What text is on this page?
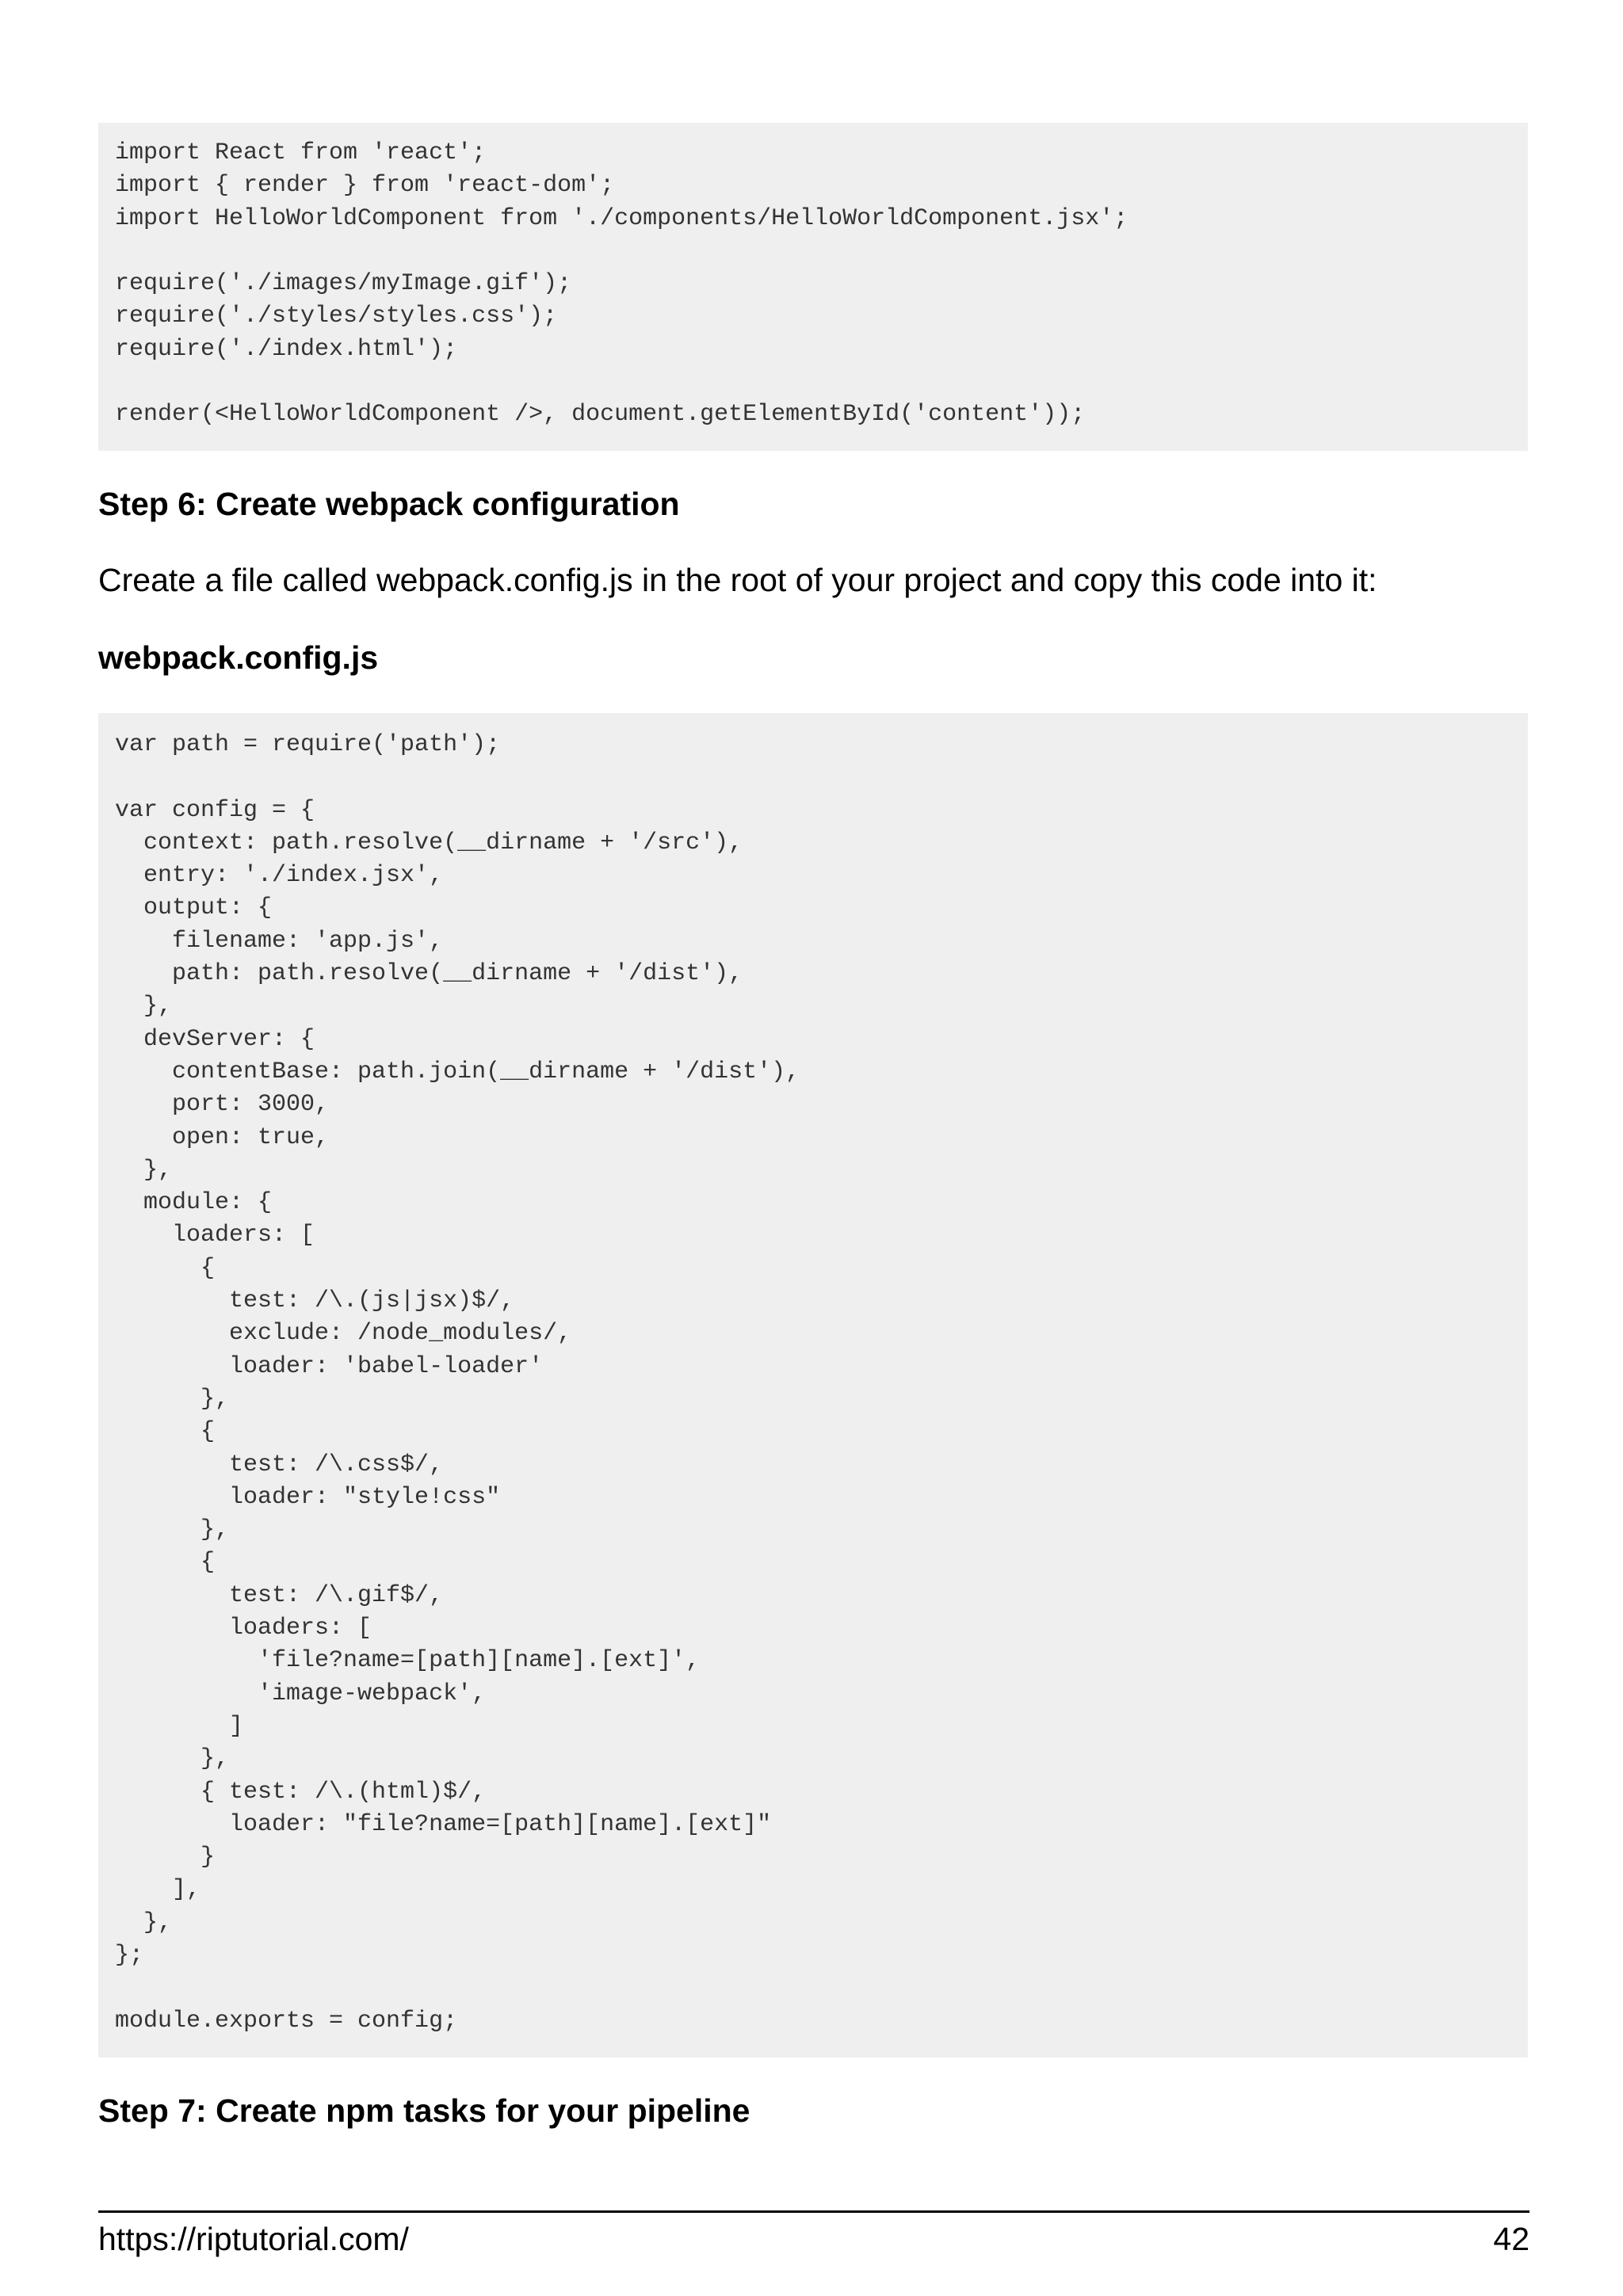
import React from 'react';
import { render } from 'react-dom';
import HelloWorldComponent from './components/HelloWorldComponent.jsx';
require('./images/myImage.gif');
require('./styles/styles.css');
require('./index.html');
render(<HelloWorldComponent />, document.getElementById('content'));
Step 6: Create webpack configuration

Create a file called webpack.config.js in the root of your project and copy this code into it:

webpack.config.js
var path = require('path');
var config = {
context: path.resolve(__dirname + '/src'),
entry: './index.jsx',
output: {
filename: 'app.js',
path: path.resolve(__dirname + '/dist'),
},
devServer: {
contentBase: path.join(__dirname + '/dist'),
port: 3000,
open: true,
},
module: {
loaders: [
{
test: /\.(js|jsx)$/,
exclude: /node_modules/,
loader: 'babel-loader'
},
{
test: /\.css$/,
loader: "style!css"
},
{
test: /\.gif$/,
loaders: [
'file?name=[path][name].[ext]',
'image-webpack',
]
},
{ test: /\.(html)$/,
loader: "file?name=[path][name].[ext]"
}
],
},
};
module.exports = config;
Step 7: Create npm tasks for your pipeline
https://riptutorial.com/	42
